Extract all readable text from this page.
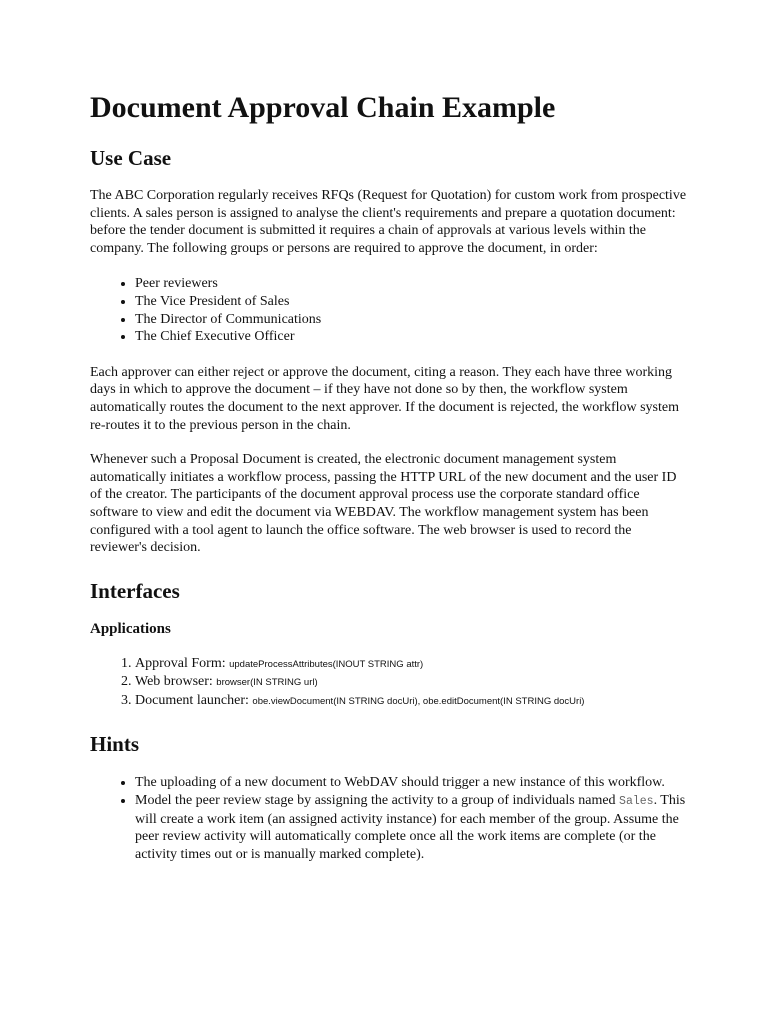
Document Approval Chain Example
Use Case

The ABC Corporation regularly receives RFQs (Request for Quotation) for custom work from prospective clients. A sales person is assigned to analyse the client's requirements and prepare a quotation document: before the tender document is submitted it requires a chain of approvals at various levels within the company. The following groups or persons are required to approve the document, in order:

• Peer reviewers
• The Vice President of Sales
• The Director of Communications
• The Chief Executive Officer

Each approver can either reject or approve the document, citing a reason. They each have three working days in which to approve the document – if they have not done so by then, the workflow system automatically routes the document to the next approver. If the document is rejected, the workflow system re-routes it to the previous person in the chain.

Whenever such a Proposal Document is created, the electronic document management system automatically initiates a workflow process, passing the HTTP URL of the new document and the user ID of the creator. The participants of the document approval process use the corporate standard office software to view and edit the document via WEBDAV. The workflow management system has been configured with a tool agent to launch the office software. The web browser is used to record the reviewer's decision.

Interfaces
Applications
1. Approval Form: updateProcessAttributes(INOUT STRING attr)
2. Web browser: browser(IN STRING url)
3. Document launcher: obe.viewDocument(IN STRING docUri), obe.editDocument(IN STRING docUri)
Hints
• The uploading of a new document to WebDAV should trigger a new instance of this workflow.
• Model the peer review stage by assigning the activity to a group of individuals named Sales. This will create a work item (an assigned activity instance) for each member of the group. Assume the peer review activity will automatically complete once all the work items are complete (or the activity times out or is manually marked complete).
